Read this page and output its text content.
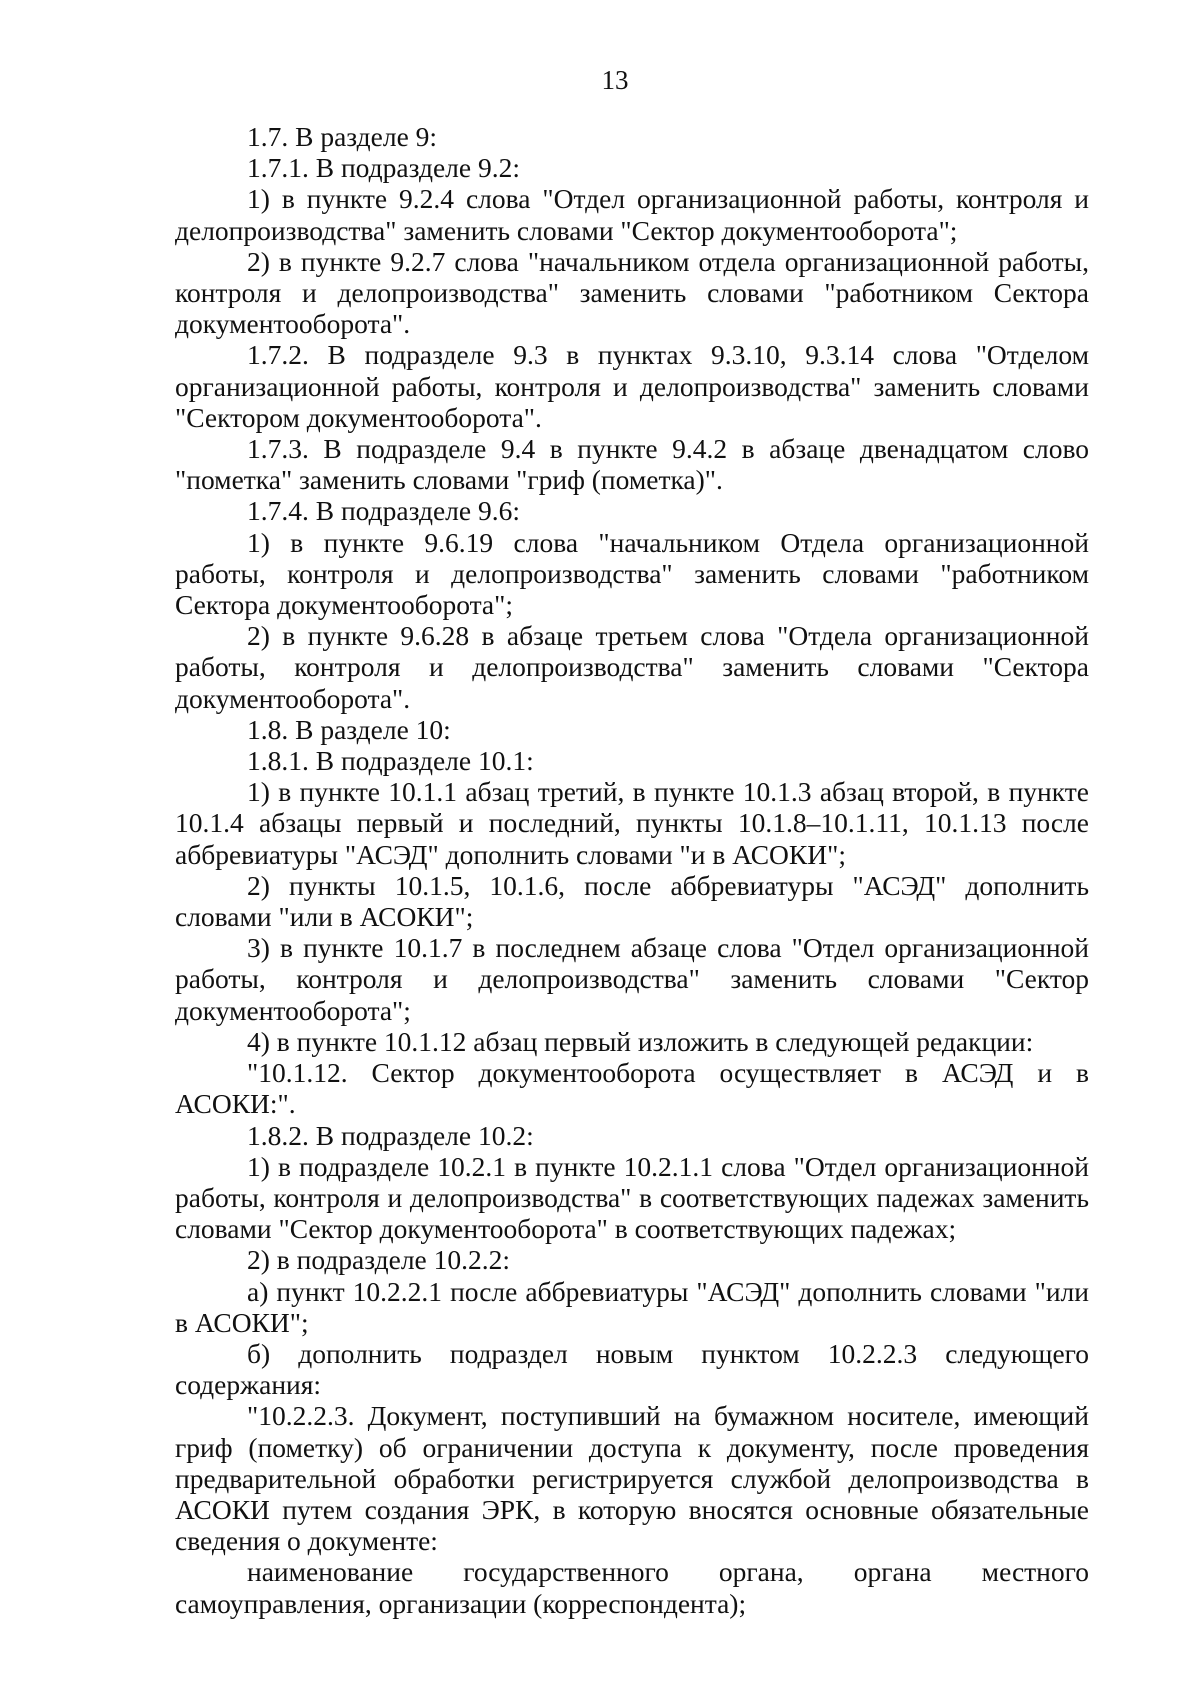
13

1.7. В разделе 9:

1.7.1. В подразделе 9.2:

1) в пункте 9.2.4 слова "Отдел организационной работы, контроля и делопроизводства" заменить словами "Сектор документооборота";

2) в пункте 9.2.7 слова "начальником отдела организационной работы, контроля и делопроизводства" заменить словами "работником Сектора документооборота".

1.7.2. В подразделе 9.3 в пунктах 9.3.10, 9.3.14 слова "Отделом организационной работы, контроля и делопроизводства" заменить словами "Сектором документооборота".

1.7.3. В подразделе 9.4 в пункте 9.4.2 в абзаце двенадцатом слово "пометка" заменить словами "гриф (пометка)".

1.7.4. В подразделе 9.6:

1) в пункте 9.6.19 слова "начальником Отдела организационной работы, контроля и делопроизводства" заменить словами "работником Сектора документооборота";

2) в пункте 9.6.28 в абзаце третьем слова "Отдела организационной работы, контроля и делопроизводства" заменить словами "Сектора документооборота".

1.8. В разделе 10:

1.8.1. В подразделе 10.1:

1) в пункте 10.1.1 абзац третий, в пункте 10.1.3 абзац второй, в пункте 10.1.4 абзацы первый и последний, пункты 10.1.8–10.1.11, 10.1.13 после аббревиатуры "АСЭД" дополнить словами "и в АСОКИ";

2) пункты 10.1.5, 10.1.6, после аббревиатуры "АСЭД" дополнить словами "или в АСОКИ";

3) в пункте 10.1.7 в последнем абзаце слова "Отдел организационной работы, контроля и делопроизводства" заменить словами "Сектор документооборота";

4) в пункте 10.1.12 абзац первый изложить в следующей редакции:

"10.1.12. Сектор документооборота осуществляет в АСЭД и в АСОКИ:".

1.8.2. В подразделе 10.2:

1) в подразделе 10.2.1 в пункте 10.2.1.1 слова "Отдел организационной работы, контроля и делопроизводства" в соответствующих падежах заменить словами "Сектор документооборота" в соответствующих падежах;

2) в подразделе 10.2.2:

а) пункт 10.2.2.1 после аббревиатуры "АСЭД" дополнить словами "или в АСОКИ";

б) дополнить подраздел новым пунктом 10.2.2.3 следующего содержания:

"10.2.2.3. Документ, поступивший на бумажном носителе, имеющий гриф (пометку) об ограничении доступа к документу, после проведения предварительной обработки регистрируется службой делопроизводства в АСОКИ путем создания ЭРК, в которую вносятся основные обязательные сведения о документе:

наименование государственного органа, органа местного самоуправления, организации (корреспондента);
